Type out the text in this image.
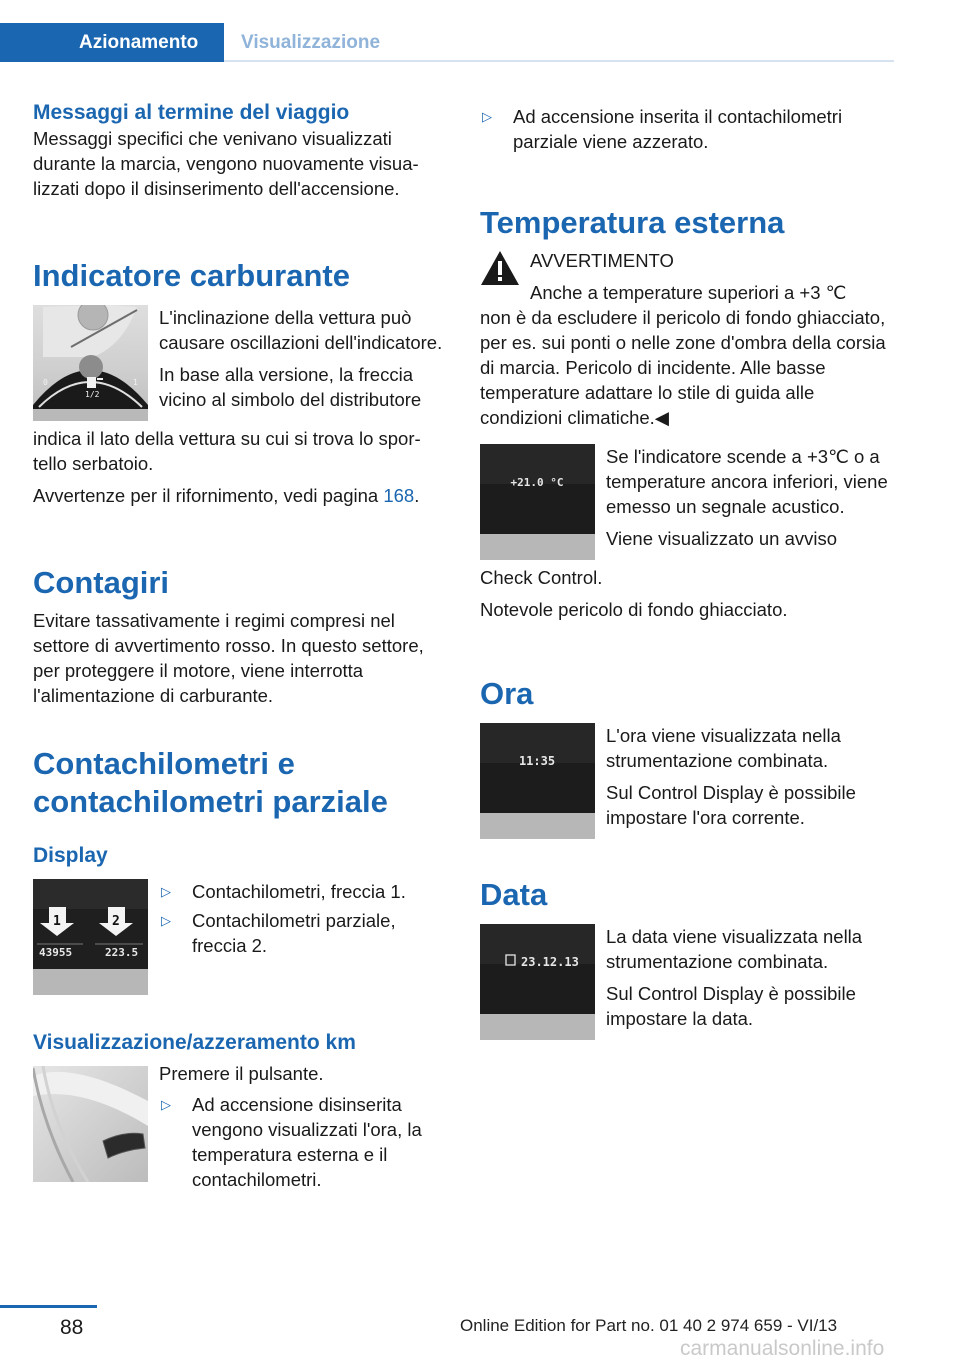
Azionamento	Visualizzazione
Messaggi al termine del viaggio

Messaggi specifici che venivano visualizzati durante la marcia, vengono nuovamente visualizzati dopo il disinserimento dell'accensione.

Indicatore carburante
0
1/2
1

L'inclinazione della vettura può causare oscillazioni dell'indicatore.

In base alla versione, la freccia vicino al simbolo del distributore

indica il lato della vettura su cui si trova lo sportello serbatoio.

Avvertenze per il rifornimento, vedi pagina 168.

Contagiri

Evitare tassativamente i regimi compresi nel settore di avvertimento rosso. In questo settore, per proteggere il motore, viene interrotta l'alimentazione di carburante.

Contachilometri e contachilometri parziale
Display
1	2
43955	223.5
▷ Contachilometri, freccia 1.
▷ Contachilometri parziale, freccia 2.
Visualizzazione/azzeramento km

Premere il pulsante.

▷ Ad accensione disinserita vengono visualizzati l'ora, la temperatura esterna e il contachilometri.
▷ Ad accensione inserita il contachilometri parziale viene azzerato.
Temperatura esterna

AVVERTIMENTO

Anche a temperature superiori a +3 ℃

non è da escludere il pericolo di fondo ghiacciato, per es. sui ponti o nelle zone d'ombra della corsia di marcia. Pericolo di incidente. Alle basse temperature adattare lo stile di guida alle condizioni climatiche.◀

+21.0 °C

Se l'indicatore scende a +3℃ o a temperature ancora inferiori, viene emesso un segnale acustico.

Viene visualizzato un avviso

Check Control.

Notevole pericolo di fondo ghiacciato.

Ora
11:35

L'ora viene visualizzata nella strumentazione combinata.

Sul Control Display è possibile impostare l'ora corrente.

Data
23.12.13

La data viene visualizzata nella strumentazione combinata.

Sul Control Display è possibile impostare la data.

88	Online Edition for Part no. 01 40 2 974 659 - VI/13
carmanualsonline.info
